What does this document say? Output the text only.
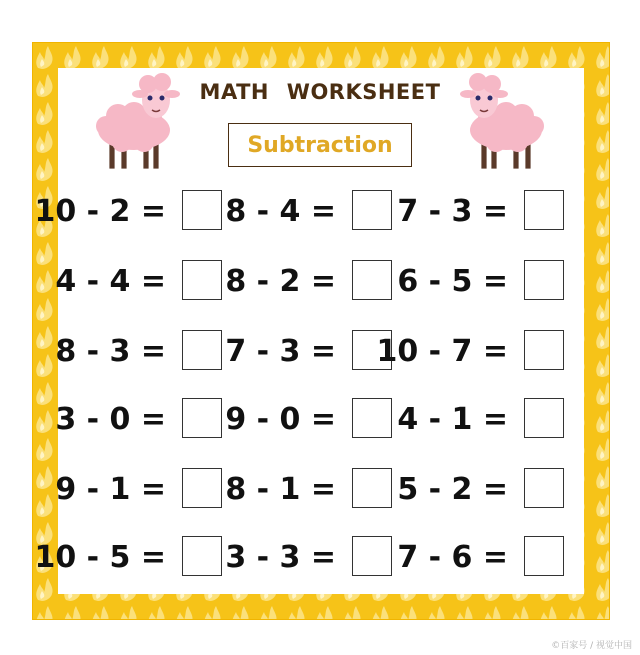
MATH WORKSHEET
Subtraction
10 - 2 = 8 - 4 = 7 - 3 =
4 - 4 = 8 - 2 = 6 - 5 =
8 - 3 = 7 - 3 = 10 - 7 =
3 - 0 = 9 - 0 = 4 - 1 =
9 - 1 = 8 - 1 = 5 - 2 =
10 - 5 = 3 - 3 = 7 - 6 =
©百家号 / 视觉中国
